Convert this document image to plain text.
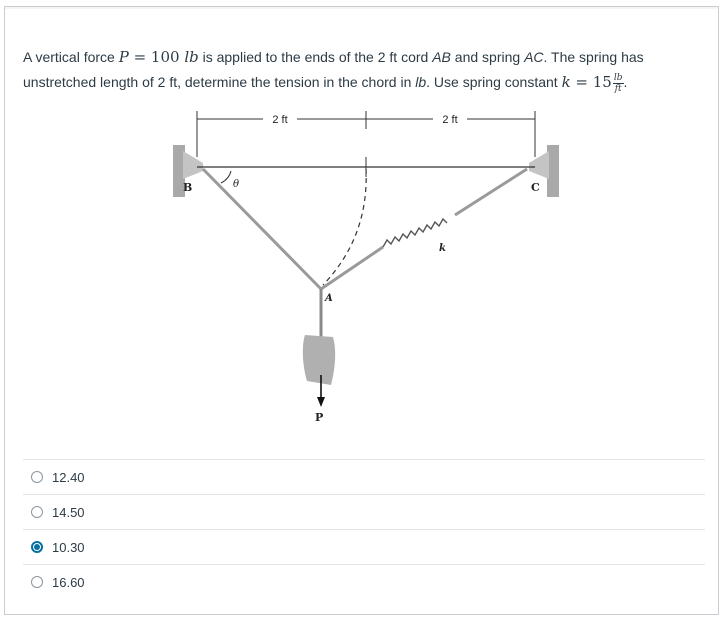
A vertical force P = 100 lb is applied to the ends of the 2 ft cord AB and spring AC. The spring has unstretched length of 2 ft, determine the tension in the chord in lb. Use spring constant $k = 15 \frac{lb}{ft}$ .
2 ft	2 ft
B	θ	C
k
A
P
12.40
14.50
10.30
16.60
